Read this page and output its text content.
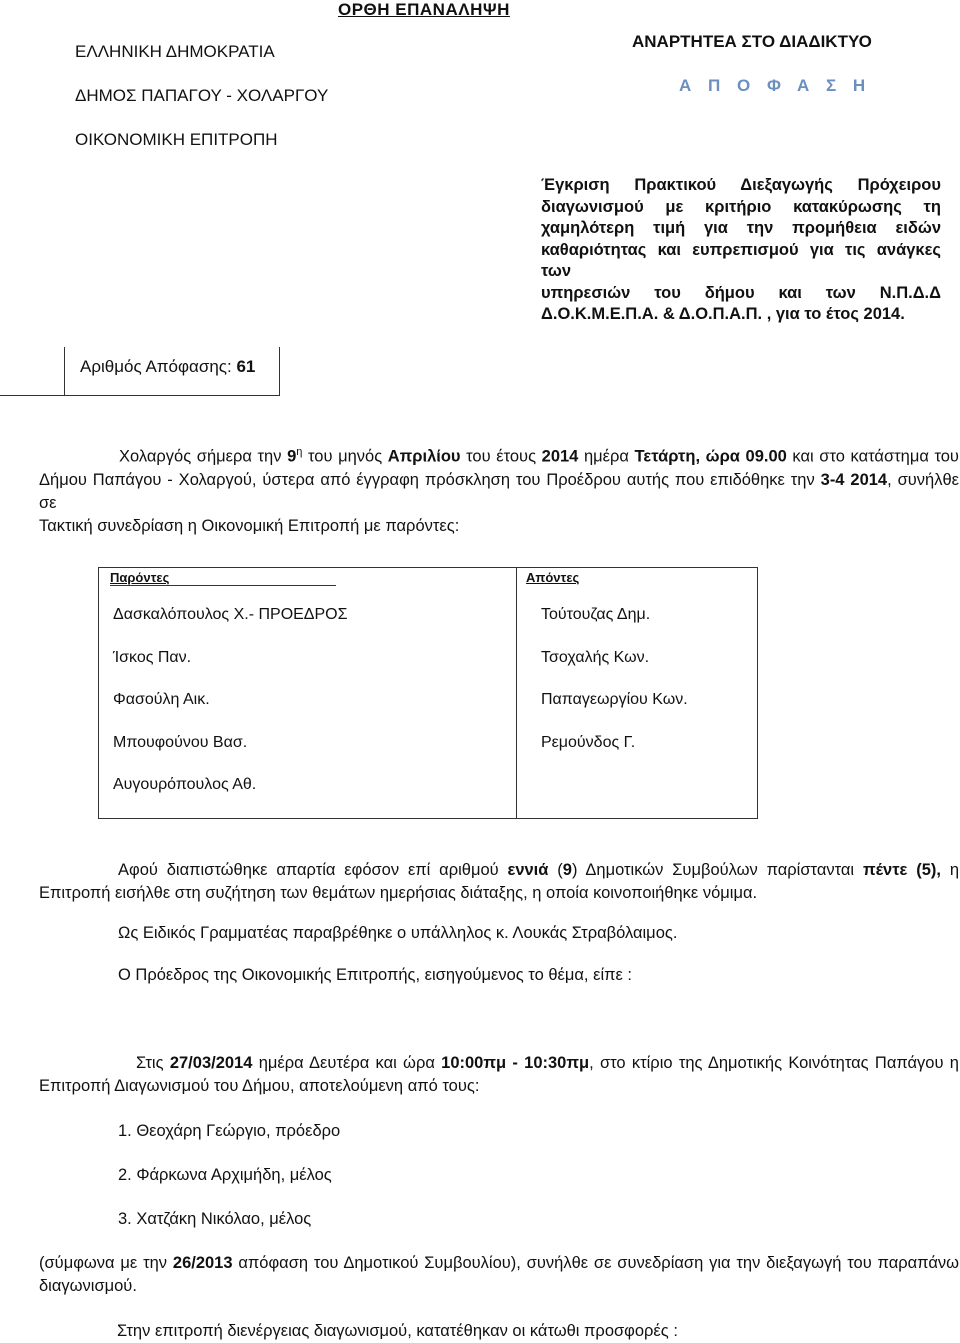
ΕΛΛΗΝΙΚΗ ΔΗΜΟΚΡΑΤΙΑ
ΔΗΜΟΣ ΠΑΠΑΓΟΥ - ΧΟΛΑΡΓΟΥ
ΟΙΚΟΝΟΜΙΚΗ ΕΠΙΤΡΟΠΗ
ΟΡΘΗ ΕΠΑΝΑΛΗΨΗ
ΑΝΑΡΤΗΤΕΑ ΣΤΟ ΔΙΑΔΙΚΤΥΟ
Α Π Ο Φ Α Σ Η
Έγκριση Πρακτικού Διεξαγωγής Πρόχειρου
διαγωνισμού με κριτήριο κατακύρωσης τη
χαμηλότερη τιμή για την προμήθεια ειδών
καθαριότητας και ευπρεπισμού για τις ανάγκες των
υπηρεσιών του δήμου και των Ν.Π.Δ.Δ
Δ.Ο.Κ.Μ.Ε.Π.Α. & Δ.Ο.Π.Α.Π. , για το έτος 2014.
Αριθμός Απόφασης: 61
Χολαργός σήμερα την $9^\eta$ του μηνός Απριλίου του έτους 2014 ημέρα Τετάρτη, ώρα 09.00 και στο κατάστημα του
Δήμου Παπάγου - Χολαργού, ύστερα από έγγραφη πρόσκληση του Προέδρου αυτής που επιδόθηκε την 3-4 2014, συνήλθε σε
Τακτική συνεδρίαση η Οικονομική Επιτροπή με παρόντες:
Παρόντες	Απόντες
Δασκαλόπουλος Χ.- ΠΡΟΕΔΡΟΣ
Ίσκος Παν.
Φασούλη Αικ.
Μπουφούνου Βασ.
Αυγουρόπουλος Αθ.
Τούτουζας Δημ.
Τσοχαλής Κων.
Παπαγεωργίου Κων.
Ρεμούνδος Γ.
Αφού διαπιστώθηκε απαρτία εφόσον επί αριθμού εννιά (9) Δημοτικών Συμβούλων παρίστανται πέντε (5), η
Επιτροπή εισήλθε στη συζήτηση των θεμάτων ημερήσιας διάταξης, η οποία κοινοποιήθηκε νόμιμα.
Ως Ειδικός Γραμματέας παραβρέθηκε ο υπάλληλος κ. Λουκάς Στραβόλαιμος.
Ο Πρόεδρος της Οικονομικής Επιτροπής, εισηγούμενος το θέμα, είπε :
Στις 27/03/2014 ημέρα Δευτέρα και ώρα 10:00πμ - 10:30πμ, στο κτίριο της Δημοτικής Κοινότητας Παπάγου η
Επιτροπή Διαγωνισμού του Δήμου, αποτελούμενη από τους:
1. Θεοχάρη Γεώργιο, πρόεδρο
2. Φάρκωνα Αρχιμήδη, μέλος
3. Χατζάκη Νικόλαο, μέλος
(σύμφωνα με την 26/2013 απόφαση του Δημοτικού Συμβουλίου), συνήλθε σε συνεδρίαση για την διεξαγωγή του παραπάνω
διαγωνισμού.
Στην επιτροπή διενέργειας διαγωνισμού, κατατέθηκαν οι κάτωθι προσφορές :
